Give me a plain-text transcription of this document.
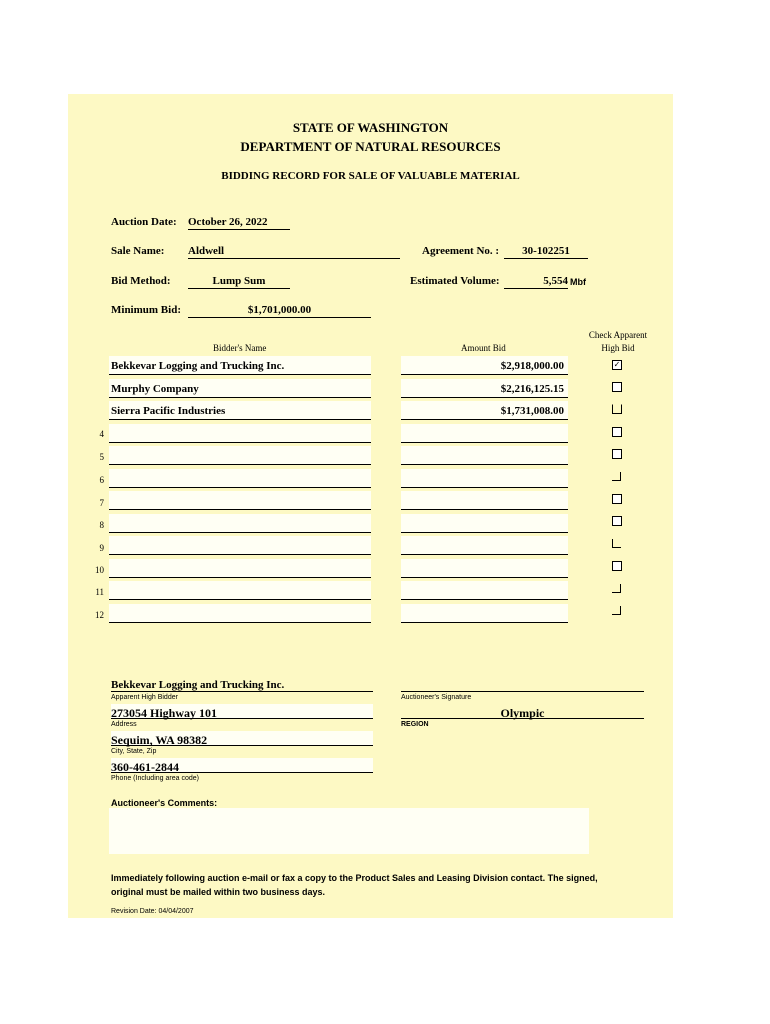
STATE OF WASHINGTON
DEPARTMENT OF NATURAL RESOURCES
BIDDING RECORD FOR SALE OF VALUABLE MATERIAL
Auction Date: October 26, 2022
Sale Name: Aldwell	Agreement No. :	30-102251
Bid Method:	Lump Sum	Estimated Volume:	5,554 Mbf
Minimum Bid:	$1,701,000.00
Bidder's Name	Amount Bid
Check Apparent
High Bid
Bekkevar Logging and Trucking Inc.	$2,918,000.00	✓
Murphy Company	$2,216,125.15
Sierra Pacific Industries	$1,731,008.00
4
5
6
7
8
9
10
11
12
Bekkevar Logging and Trucking Inc.
Apparent High Bidder	Auctioneer's Signature
273054 Highway 101
Address
Olympic
REGION
Sequim, WA 98382
City, State, Zip
360-461-2844
Phone (Including area code)
Auctioneer's Comments:
Immediately following auction e-mail or fax a copy to the Product Sales and Leasing Division contact. The signed, original must be mailed within two business days.
Revision Date: 04/04/2007
